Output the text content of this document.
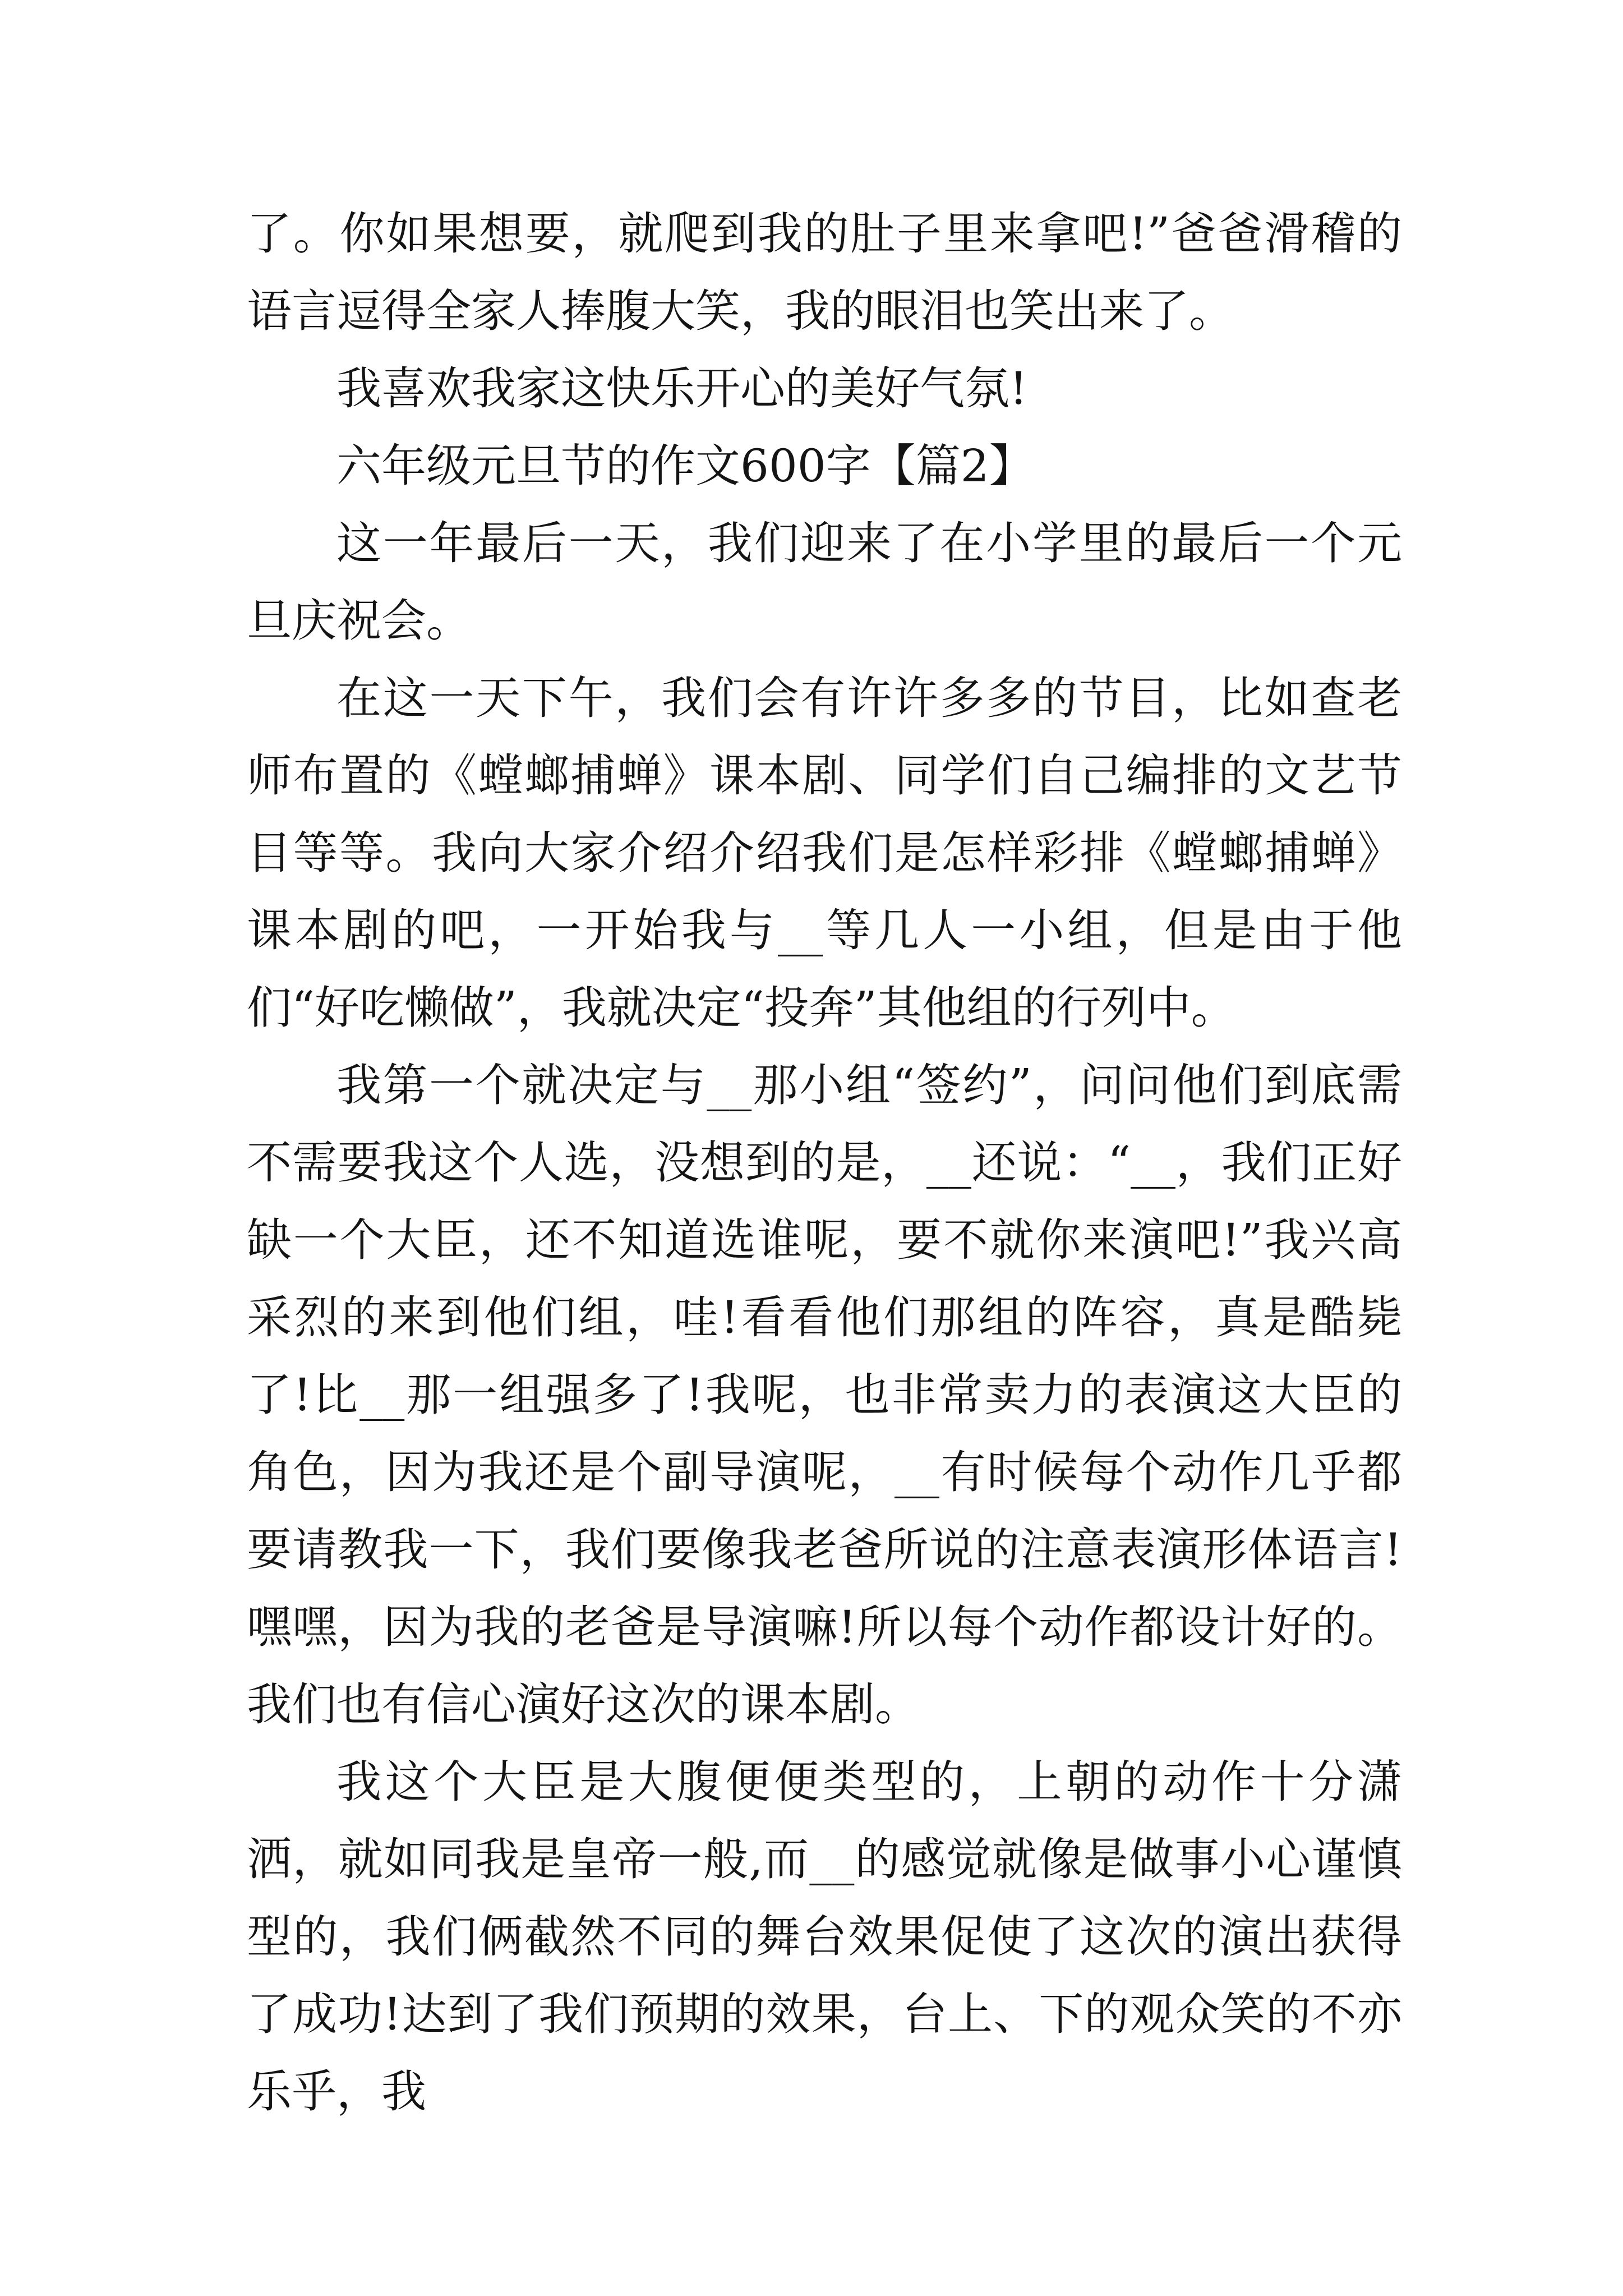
了。你如果想要，就爬到我的肚子里来拿吧!”爸爸滑稽的语言逗得全家人捧腹大笑，我的眼泪也笑出来了。

我喜欢我家这快乐开心的美好气氛!

六年级元旦节的作文600字【篇2】

这一年最后一天，我们迎来了在小学里的最后一个元旦庆祝会。

在这一天下午，我们会有许许多多的节目，比如查老师布置的《螳螂捕蝉》课本剧、同学们自己编排的文艺节目等等。我向大家介绍介绍我们是怎样彩排《螳螂捕蝉》课本剧的吧，一开始我与__等几人一小组，但是由于他们“好吃懒做”，我就决定“投奔”其他组的行列中。

我第一个就决定与__那小组“签约”，问问他们到底需不需要我这个人选，没想到的是，__还说：“__，我们正好缺一个大臣，还不知道选谁呢，要不就你来演吧!”我兴高采烈的来到他们组，哇!看看他们那组的阵容，真是酷毙了!比__那一组强多了!我呢，也非常卖力的表演这大臣的角色，因为我还是个副导演呢，__有时候每个动作几乎都要请教我一下，我们要像我老爸所说的注意表演形体语言!嘿嘿，因为我的老爸是导演嘛!所以每个动作都设计好的。我们也有信心演好这次的课本剧。

我这个大臣是大腹便便类型的，上朝的动作十分潇洒，就如同我是皇帝一般,而__的感觉就像是做事小心谨慎型的，我们俩截然不同的舞台效果促使了这次的演出获得了成功!达到了我们预期的效果，台上、下的观众笑的不亦乐乎，我
